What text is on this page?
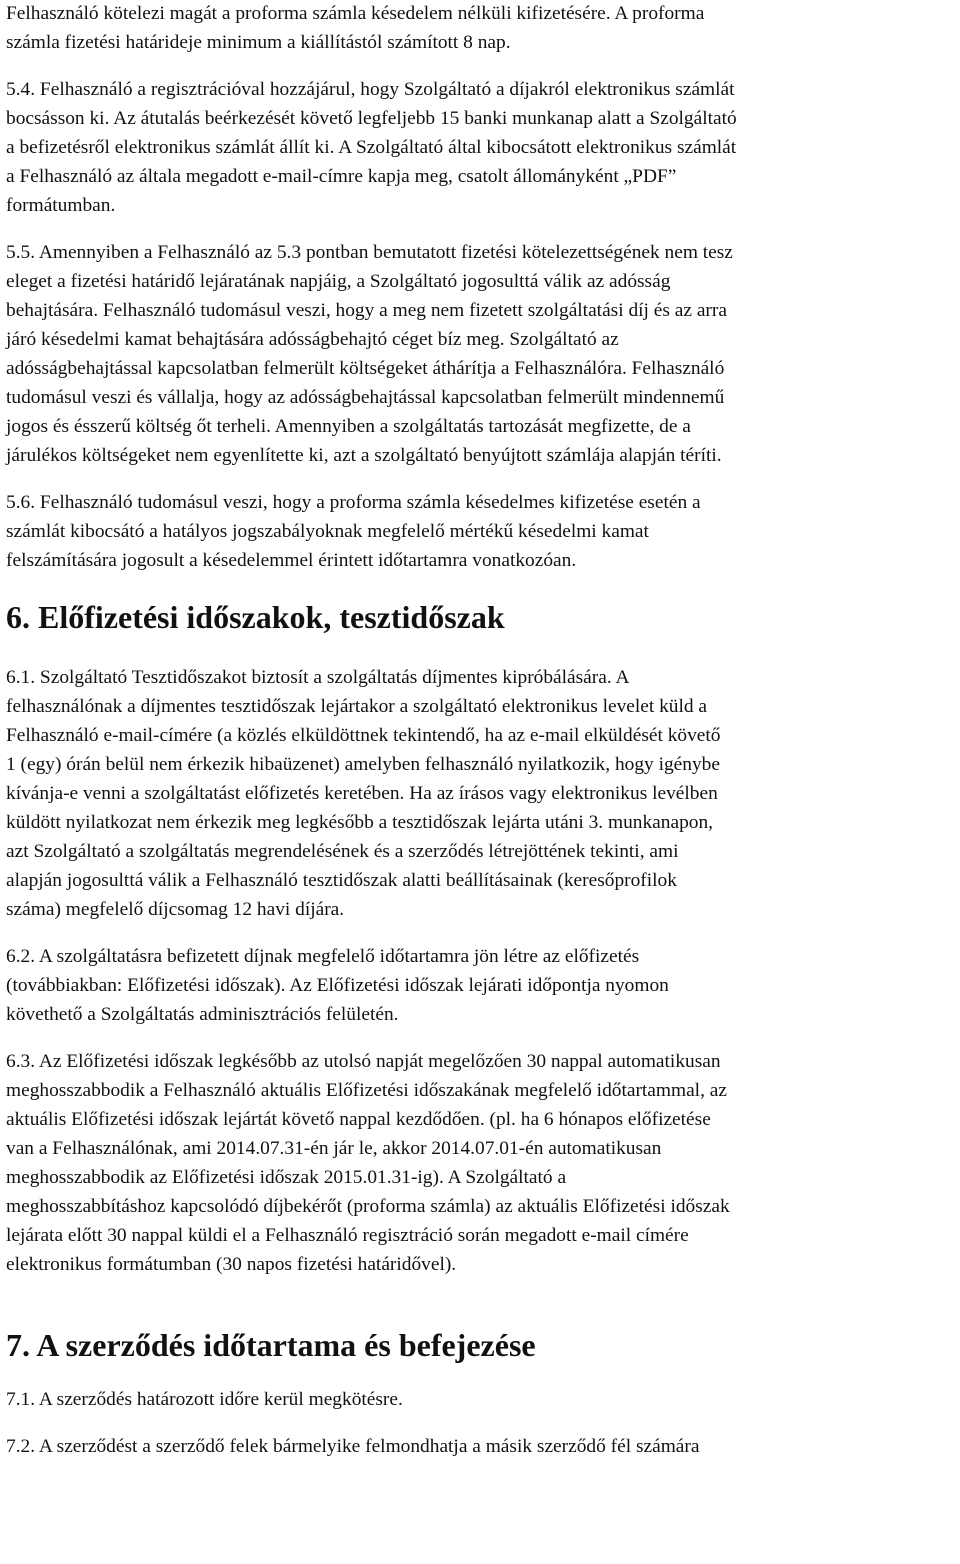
Felhasználó kötelezi magát a proforma számla késedelem nélküli kifizetésére. A proforma
számla fizetési határideje minimum a kiállítástól számított 8 nap.

5.4. Felhasználó a regisztrációval hozzájárul, hogy Szolgáltató a díjakról elektronikus számlát
bocsásson ki. Az átutalás beérkezését követő legfeljebb 15 banki munkanap alatt a Szolgáltató
a befizetésről elektronikus számlát állít ki. A Szolgáltató által kibocsátott elektronikus számlát
a Felhasználó az általa megadott e-mail-címre kapja meg, csatolt állományként „PDF”
formátumban.

5.5. Amennyiben a Felhasználó az 5.3 pontban bemutatott fizetési kötelezettségének nem tesz
eleget a fizetési határidő lejáratának napjáig, a Szolgáltató jogosulttá válik az adósság
behajtására. Felhasználó tudomásul veszi, hogy a meg nem fizetett szolgáltatási díj és az arra
járó késedelmi kamat behajtására adósságbehajtó céget bíz meg. Szolgáltató az
adósságbehajtással kapcsolatban felmerült költségeket áthárítja a Felhasználóra. Felhasználó
tudomásul veszi és vállalja, hogy az adósságbehajtással kapcsolatban felmerült mindennemű
jogos és ésszerű költség őt terheli. Amennyiben a szolgáltatás tartozását megfizette, de a
járulékos költségeket nem egyenlítette ki, azt a szolgáltató benyújtott számlája alapján téríti.

5.6. Felhasználó tudomásul veszi, hogy a proforma számla késedelmes kifizetése esetén a
számlát kibocsátó a hatályos jogszabályoknak megfelelő mértékű késedelmi kamat
felszámítására jogosult a késedelemmel érintett időtartamra vonatkozóan.

6. Előfizetési időszakok, tesztidőszak

6.1. Szolgáltató Tesztidőszakot biztosít a szolgáltatás díjmentes kipróbálására. A
felhasználónak a díjmentes tesztidőszak lejártakor a szolgáltató elektronikus levelet küld a
Felhasználó e-mail-címére (a közlés elküldöttnek tekintendő, ha az e-mail elküldését követő
1 (egy) órán belül nem érkezik hibaüzenet) amelyben felhasználó nyilatkozik, hogy igénybe
kívánja-e venni a szolgáltatást előfizetés keretében. Ha az írásos vagy elektronikus levélben
küldött nyilatkozat nem érkezik meg legkésőbb a tesztidőszak lejárta utáni 3. munkanapon,
azt Szolgáltató a szolgáltatás megrendelésének és a szerződés létrejöttének tekinti, ami
alapján jogosulttá válik a Felhasználó tesztidőszak alatti beállításainak (keresőprofilok
száma) megfelelő díjcsomag 12 havi díjára.

6.2. A szolgáltatásra befizetett díjnak megfelelő időtartamra jön létre az előfizetés
(továbbiakban: Előfizetési időszak). Az Előfizetési időszak lejárati időpontja nyomon
követhető a Szolgáltatás adminisztrációs felületén.

6.3. Az Előfizetési időszak legkésőbb az utolsó napját megelőzően 30 nappal automatikusan
meghosszabbodik a Felhasználó aktuális Előfizetési időszakának megfelelő időtartammal, az
aktuális Előfizetési időszak lejártát követő nappal kezdődően. (pl. ha 6 hónapos előfizetése
van a Felhasználónak, ami 2014.07.31-én jár le, akkor 2014.07.01-én automatikusan
meghosszabbodik az Előfizetési időszak 2015.01.31-ig). A Szolgáltató a
meghosszabbításhoz kapcsolódó díjbekérőt (proforma számla) az aktuális Előfizetési időszak
lejárata előtt 30 nappal küldi el a Felhasználó regisztráció során megadott e-mail címére
elektronikus formátumban (30 napos fizetési határidővel).

7. A szerződés időtartama és befejezése

7.1. A szerződés határozott időre kerül megkötésre.

7.2. A szerződést a szerződő felek bármelyike felmondhatja a másik szerződő fél számára
